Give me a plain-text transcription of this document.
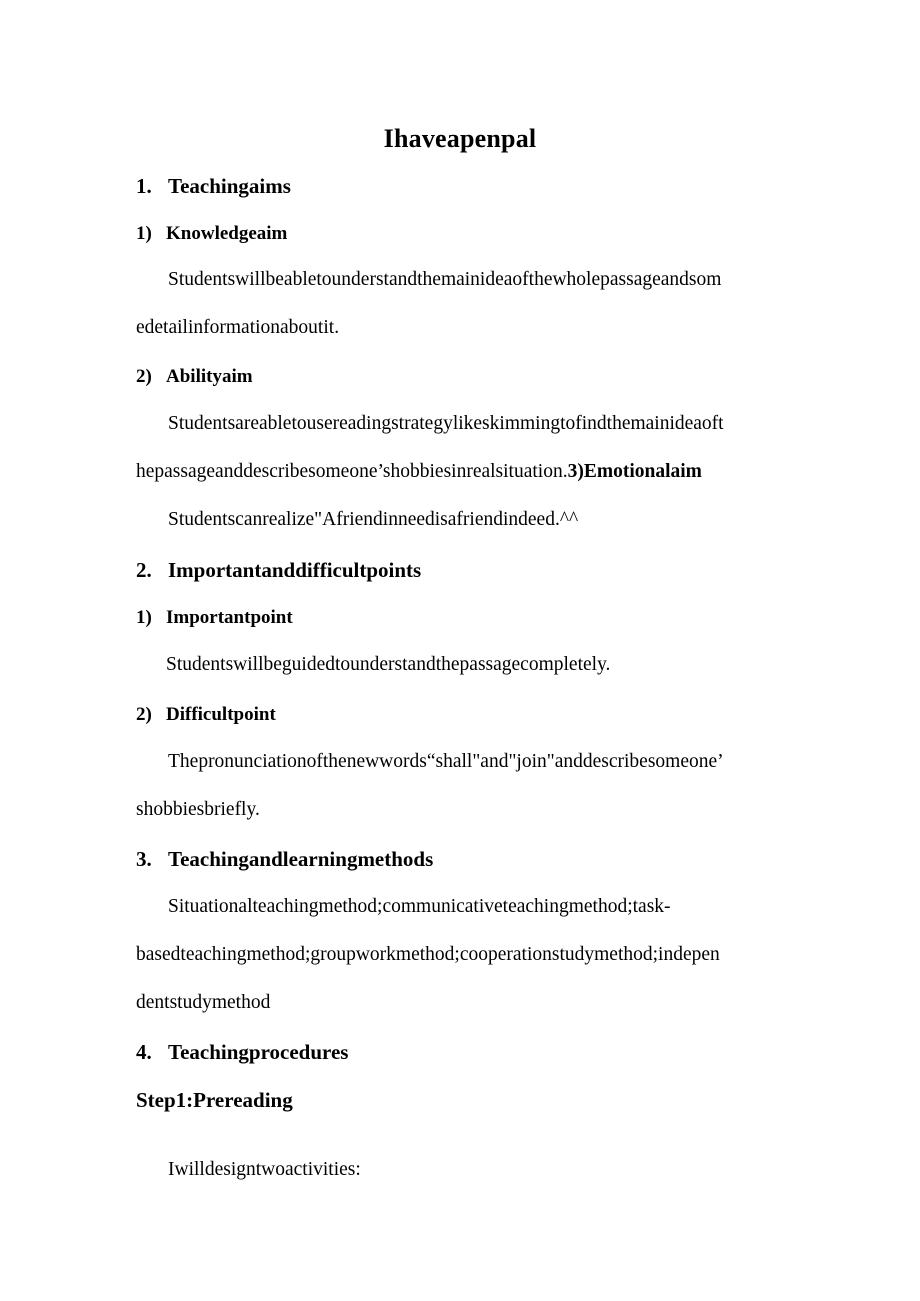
Ihaveapenpal
1. Teachingaims
1) Knowledgeaim
Studentswillbeabletounderstandthemainideaofthewholepassageandsom
edetailinformationaboutit.
2) Abilityaim
Studentsareabletousereadingstrategylikeskimmingtofindthemainideaoft
hepassageanddescribesomeone’shobbiesinrealsituation.3)Emotionalaim
Studentscanrealize"Afriendinneedisafriendindeed.^^
2. Importantanddifficultpoints
1) Importantpoint
Studentswillbeguidedtounderstandthepassagecompletely.
2) Difficultpoint
Thepronunciationofthenewwords“shall"and"join"anddescribesomeone’
shobbiesbriefly.
3. Teachingandlearningmethods
Situationalteachingmethod;communicativeteachingmethod;task-
basedteachingmethod;groupworkmethod;cooperationstudymethod;indepen
dentstudymethod
4. Teachingprocedures
Step1:Prereading
Iwilldesigntwoactivities:
